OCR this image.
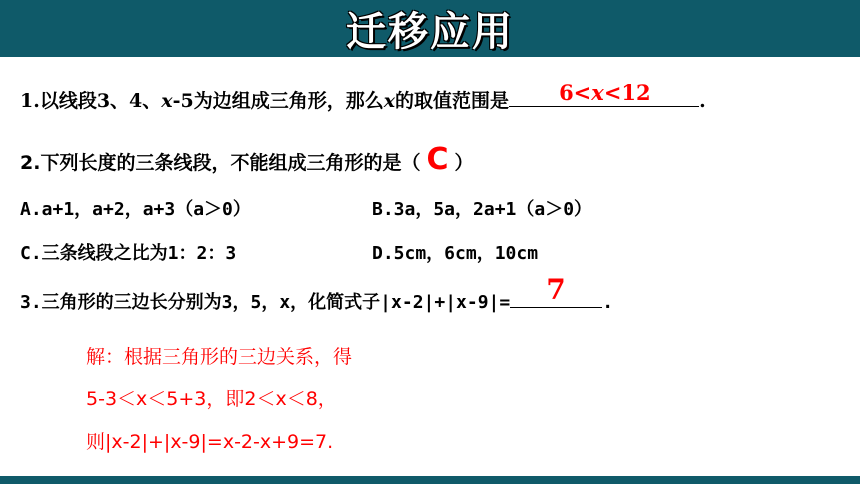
迁移应用
1.以线段3、4、x-5为边组成三角形，那么x的取值范围是 6<x<12	.
2.下列长度的三条线段，不能组成三角形的是（ C ）
A.a+1，a+2，a+3（a＞0）	B.3a，5a，2a+1（a＞0）
C.三条线段之比为1：2：3	D.5cm，6cm，10cm
3.三角形的三边长分别为3，5，x，化简式子|x-2|+|x-9|= 7 .
解：根据三角形的三边关系，得
5-3＜x＜5+3，即2＜x＜8，
则|x-2|+|x-9|=x-2-x+9=7.
